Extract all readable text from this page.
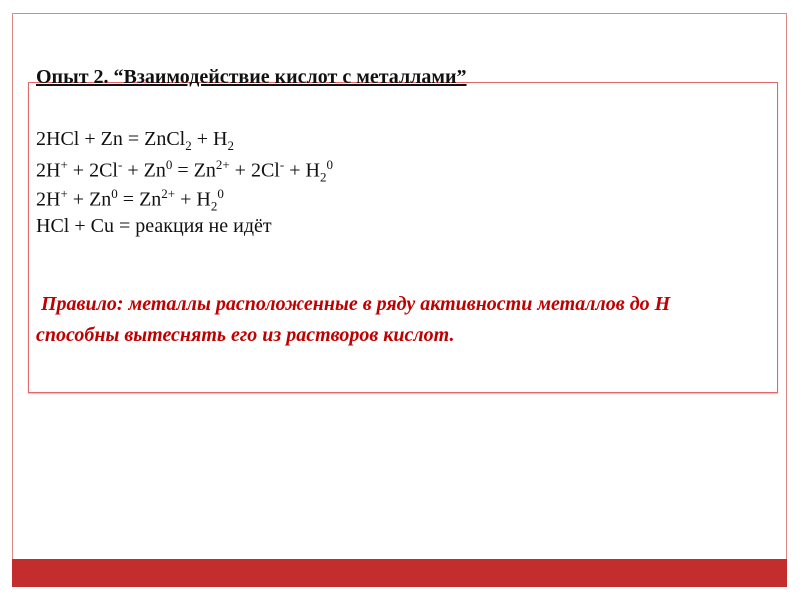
Опыт 2. “Взаимодействие кислот с металлами”
2HCl + Zn = ZnCl$_2$ + $H_2$
$2H^+ + 2Cl^- + Zn^0 = Zn^{2+} + 2Cl^- + H_2^0$
$2H^+ + Zn^0 = Zn^{2+} + H_2^0$
HCl + Cu = реакция не идёт
Правило: металлы расположенные в ряду активности металлов до Н способны вытеснять его из растворов кислот.
